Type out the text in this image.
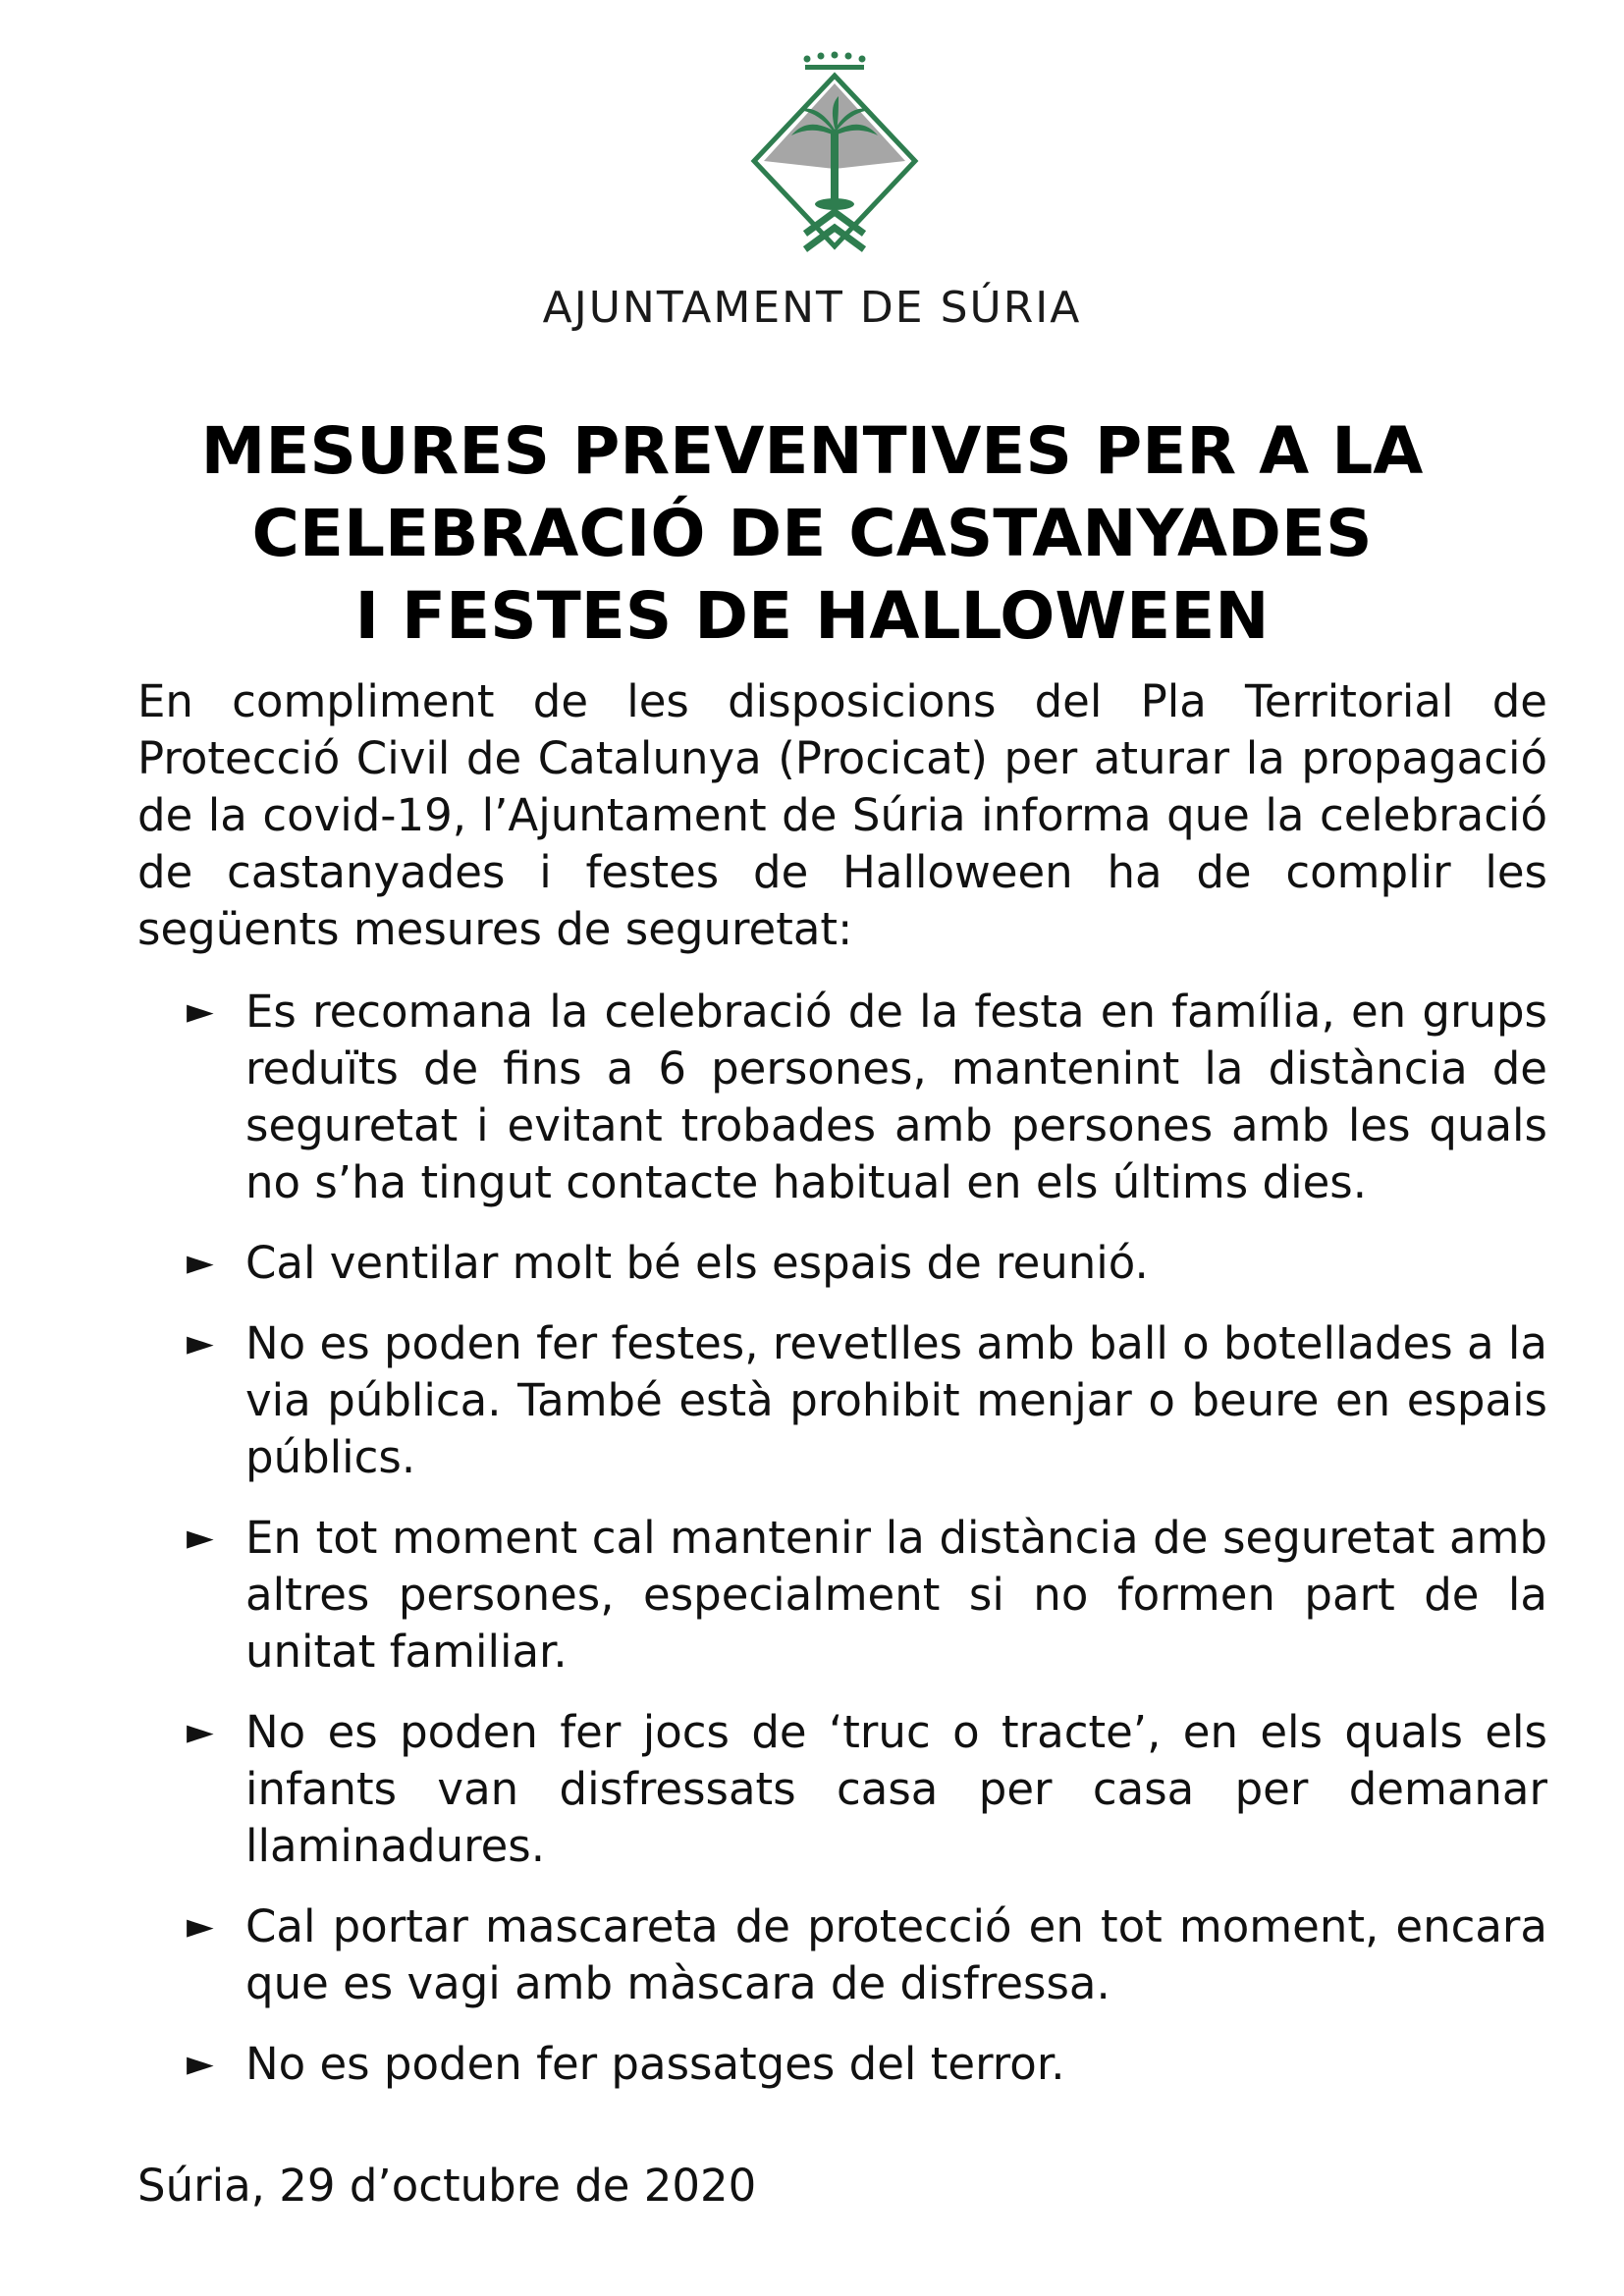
AJUNTAMENT DE SÚRIA
MESURES PREVENTIVES PER A LA
CELEBRACIÓ DE CASTANYADES
I FESTES DE HALLOWEEN

En compliment de les disposicions del Pla Territorial de Protecció Civil de Catalunya (Procicat) per aturar la propagació de la covid-19, l’Ajuntament de Súria informa que la celebració de castanyades i festes de Halloween ha de complir les següents mesures de seguretat:

► Es recomana la celebració de la festa en família, en grups reduïts de fins a 6 persones, mantenint la distància de seguretat i evitant trobades amb persones amb les quals no s’ha tingut contacte habitual en els últims dies.
► Cal ventilar molt bé els espais de reunió.
► No es poden fer festes, revetlles amb ball o botellades a la via pública. També està prohibit menjar o beure en espais públics.
► En tot moment cal mantenir la distància de seguretat amb altres persones, especialment si no formen part de la unitat familiar.
► No es poden fer jocs de ‘truc o tracte’, en els quals els infants van disfressats casa per casa per demanar llaminadures.
► Cal portar mascareta de protecció en tot moment, encara que es vagi amb màscara de disfressa.
► No es poden fer passatges del terror.
Súria, 29 d’octubre de 2020
